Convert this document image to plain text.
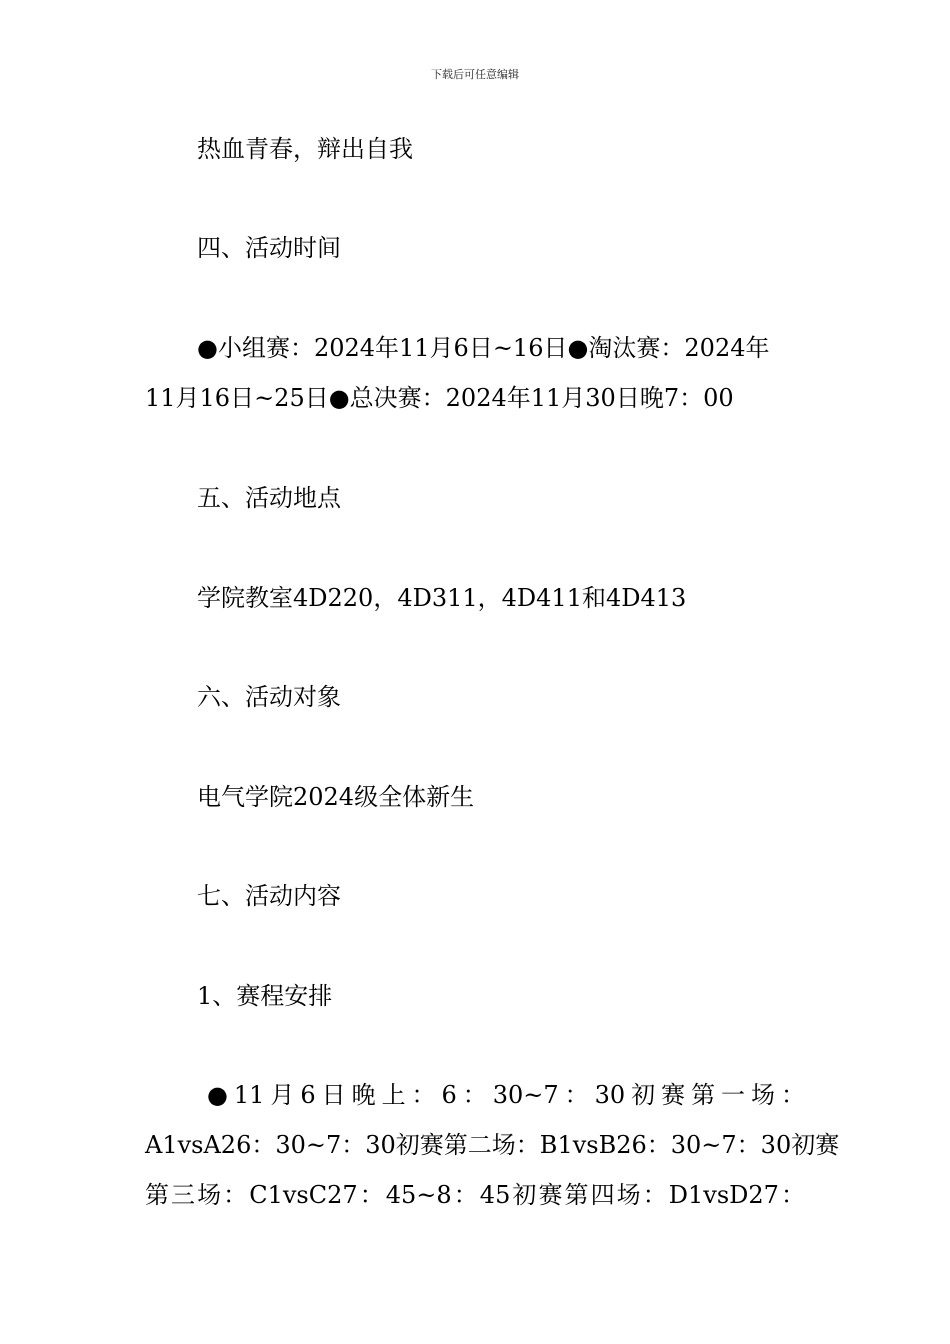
下载后可任意编辑
热血青春，辩出自我
四、活动时间
●小组赛：2024年11月6日~16日●淘汰赛：2024年
11月16日~25日●总决赛：2024年11月30日晚7：00
五、活动地点
学院教室4D220，4D311，4D411和4D413
六、活动对象
电气学院2024级全体新生
七、活动内容
1、赛程安排
●11月6日晚上：6：30~7：30初赛第一场：
A1vsA26：30~7：30初赛第二场：B1vsB26：30~7：30初赛
第三场：C1vsC27：45~8：45初赛第四场：D1vsD27：
